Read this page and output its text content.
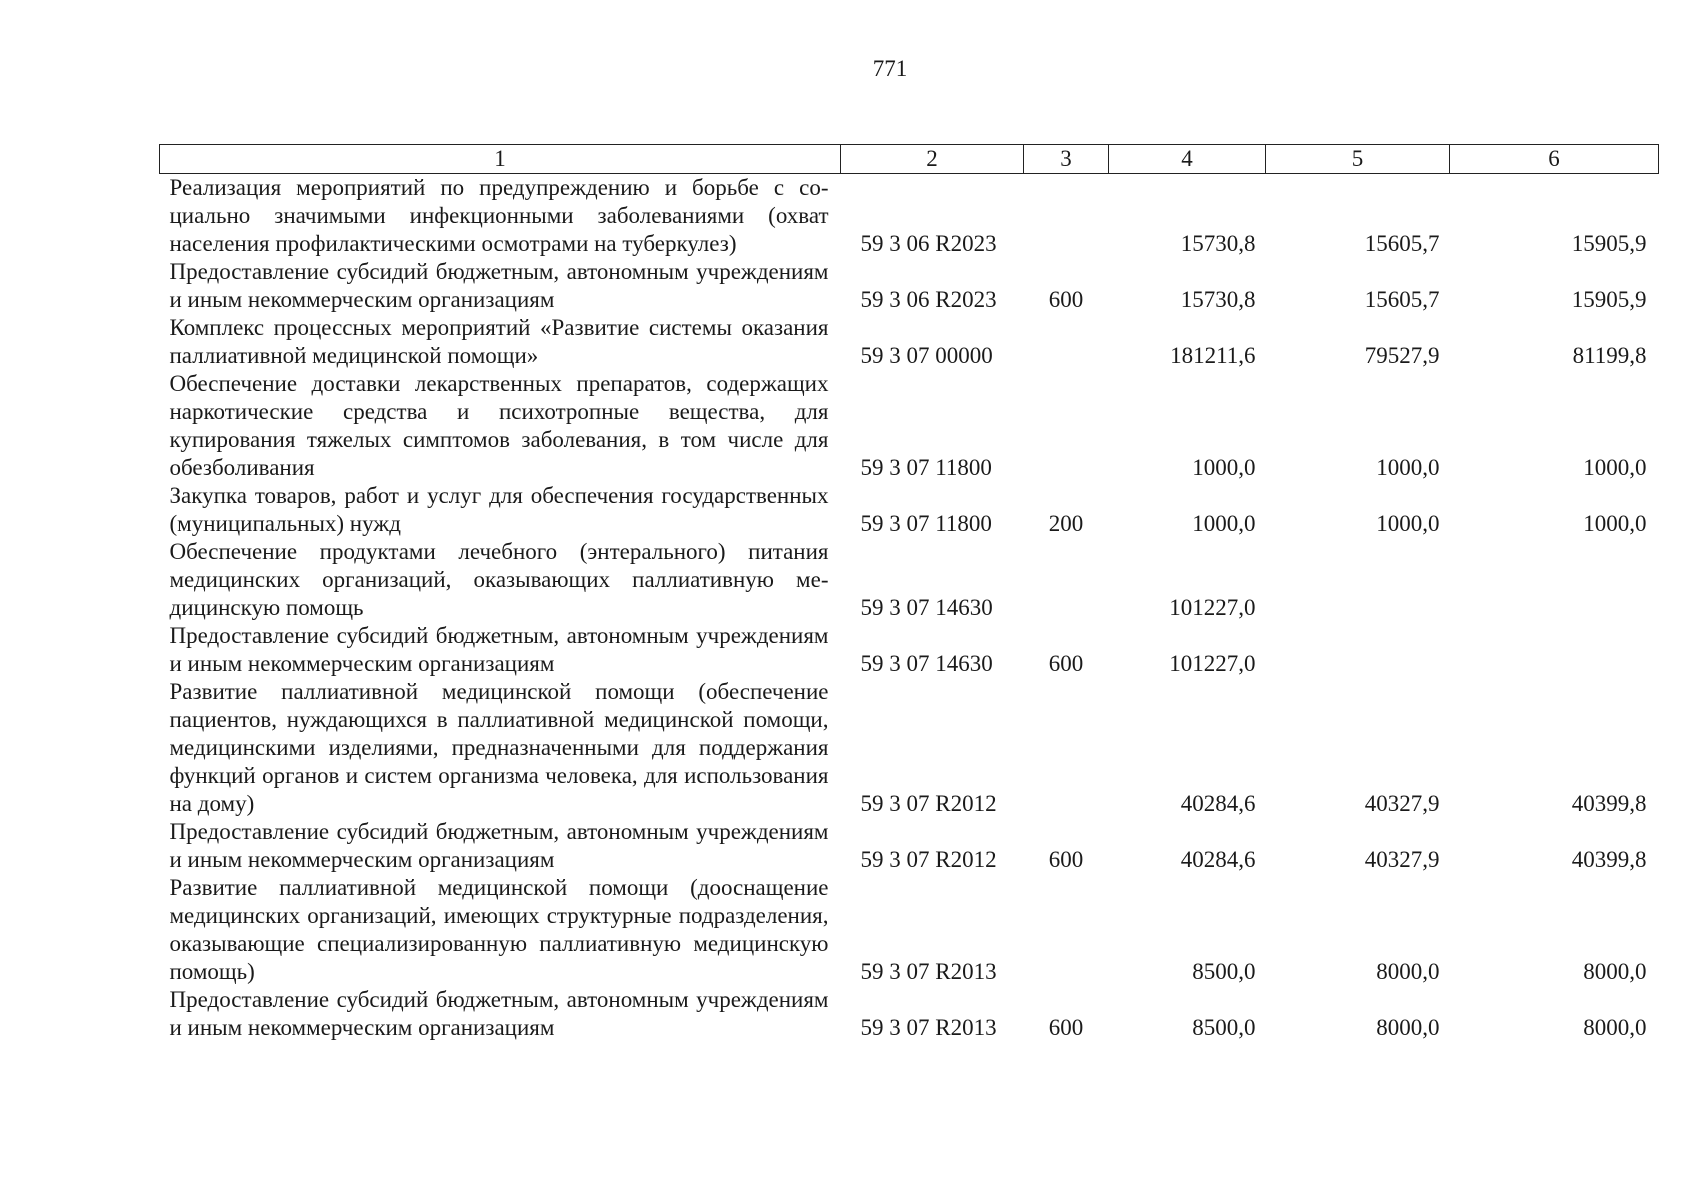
771
1	2	3	4	5	6
Реализация мероприятий по предупреждению и борьбе с социально значимыми инфекционными заболеваниями (охват населения профилактическими осмотрами на туберкулез)	59 3 06 R2023		15730,8	15605,7	15905,9
Предоставление субсидий бюджетным, автономным учреждениям и иным некоммерческим организациям	59 3 06 R2023	600	15730,8	15605,7	15905,9
Комплекс процессных мероприятий «Развитие системы оказания паллиативной медицинской помощи»	59 3 07 00000		181211,6	79527,9	81199,8
Обеспечение доставки лекарственных препаратов, содержащих наркотические средства и психотропные вещества, для купирования тяжелых симптомов заболевания, в том числе для обезболивания	59 3 07 11800		1000,0	1000,0	1000,0
Закупка товаров, работ и услуг для обеспечения государственных (муниципальных) нужд	59 3 07 11800	200	1000,0	1000,0	1000,0
Обеспечение продуктами лечебного (энтерального) питания медицинских организаций, оказывающих паллиативную медицинскую помощь	59 3 07 14630		101227,0		
Предоставление субсидий бюджетным, автономным учреждениям и иным некоммерческим организациям	59 3 07 14630	600	101227,0		
Развитие паллиативной медицинской помощи (обеспечение пациентов, нуждающихся в паллиативной медицинской помощи, медицинскими изделиями, предназначенными для поддержания функций органов и систем организма человека, для использования на дому)	59 3 07 R2012		40284,6	40327,9	40399,8
Предоставление субсидий бюджетным, автономным учреждениям и иным некоммерческим организациям	59 3 07 R2012	600	40284,6	40327,9	40399,8
Развитие паллиативной медицинской помощи (дооснащение медицинских организаций, имеющих структурные подразделения, оказывающие специализированную паллиативную медицинскую помощь)	59 3 07 R2013		8500,0	8000,0	8000,0
Предоставление субсидий бюджетным, автономным учреждениям и иным некоммерческим организациям	59 3 07 R2013	600	8500,0	8000,0	8000,0
